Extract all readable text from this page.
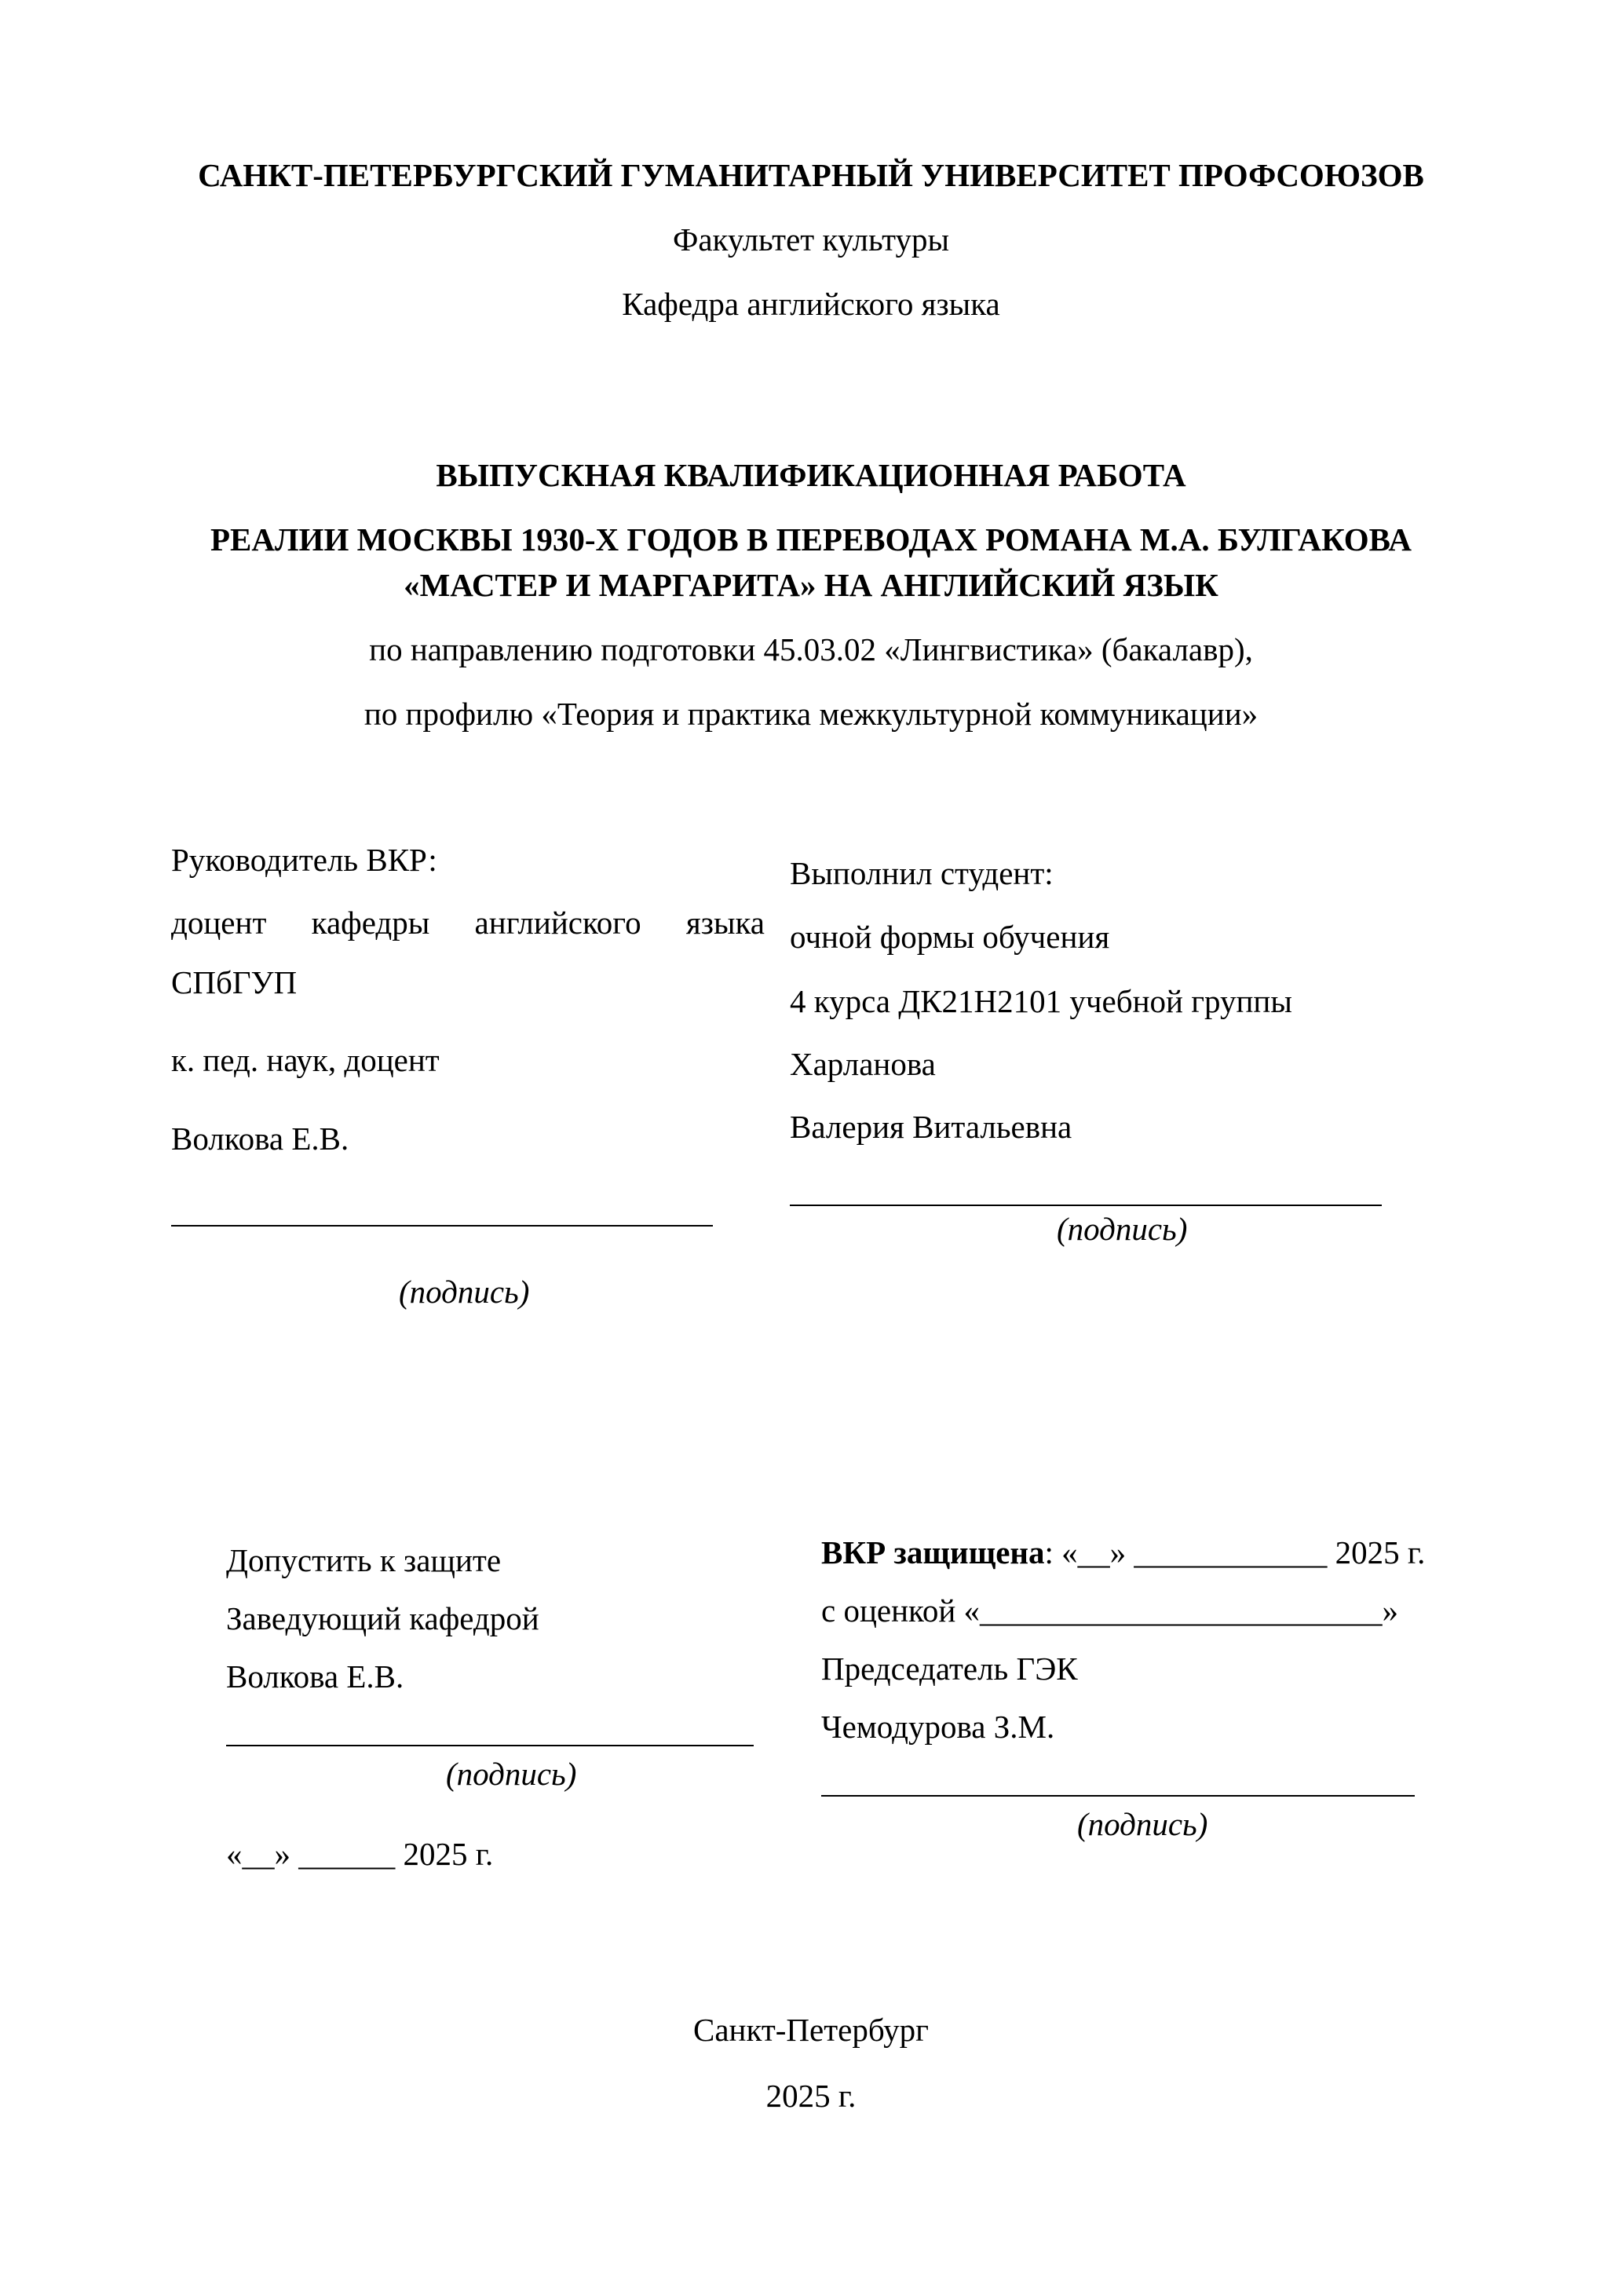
САНКТ-ПЕТЕРБУРГСКИЙ ГУМАНИТАРНЫЙ УНИВЕРСИТЕТ ПРОФСОЮЗОВ
Факультет культуры
Кафедра английского языка
ВЫПУСКНАЯ КВАЛИФИКАЦИОННАЯ РАБОТА
РЕАЛИИ МОСКВЫ 1930-Х ГОДОВ В ПЕРЕВОДАХ РОМАНА М.А. БУЛГАКОВА
«МАСТЕР И МАРГАРИТА» НА АНГЛИЙСКИЙ ЯЗЫК
по направлению подготовки 45.03.02 «Лингвистика» (бакалавр),
по профилю «Теория и практика межкультурной коммуникации»
Руководитель ВКР:
доцент кафедры английского языка
СПбГУП
к. пед. наук, доцент
Волкова Е.В.
(подпись)
Выполнил студент:
очной формы обучения
4 курса ДК21Н2101 учебной группы
Харланова
Валерия Витальевна
(подпись)
Допустить к защите
Заведующий кафедрой
Волкова Е.В.
(подпись)
«__» ______ 2025 г.
ВКР защищена: «__» ____________ 2025 г.
с оценкой «_________________________»
Председатель ГЭК
Чемодурова З.М.
(подпись)
Санкт-Петербург
2025 г.
